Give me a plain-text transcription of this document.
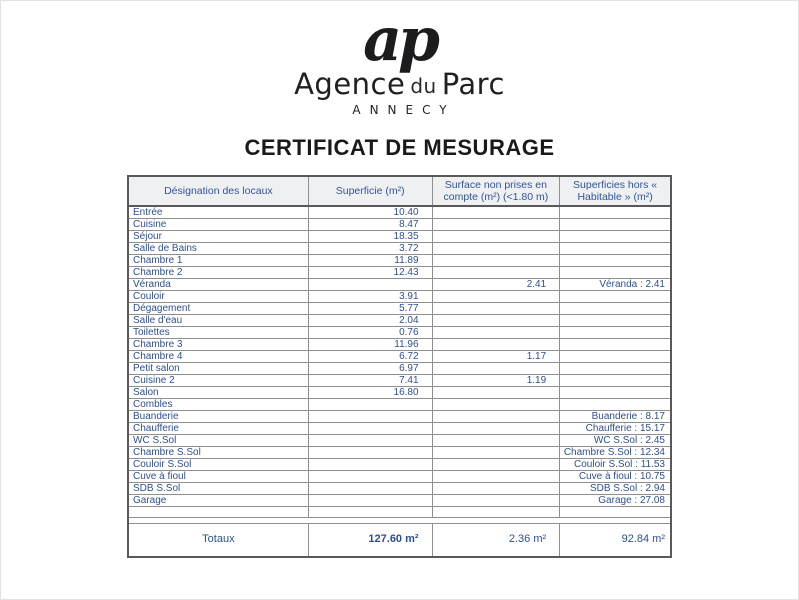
ap
Agence du Parc
ANNECY
CERTIFICAT DE MESURAGE
Désignation des locaux	Superficie (m²)	Surface non prises en compte (m²) (<1.80 m)	Superficies hors « Habitable » (m²)
Entrée	10.40		
Cuisine	8.47		
Séjour	18.35		
Salle de Bains	3.72		
Chambre 1	11.89		
Chambre 2	12.43		
Véranda		2.41	Véranda : 2.41
Couloir	3.91		
Dégagement	5.77		
Salle d'eau	2.04		
Toilettes	0.76		
Chambre 3	11.96		
Chambre 4	6.72	1.17	
Petit salon	6.97		
Cuisine 2	7.41	1.19	
Salon	16.80		
Combles			
Buanderie			Buanderie : 8.17
Chaufferie			Chaufferie : 15.17
WC S.Sol			WC S.Sol : 2.45
Chambre S.Sol			Chambre S.Sol : 12.34
Couloir S.Sol			Couloir S.Sol : 11.53
Cuve à fioul			Cuve à fioul : 10.75
SDB S.Sol			SDB S.Sol : 2.94
Garage			Garage : 27.08

Totaux	127.60 m²	2.36 m²	92.84 m²
